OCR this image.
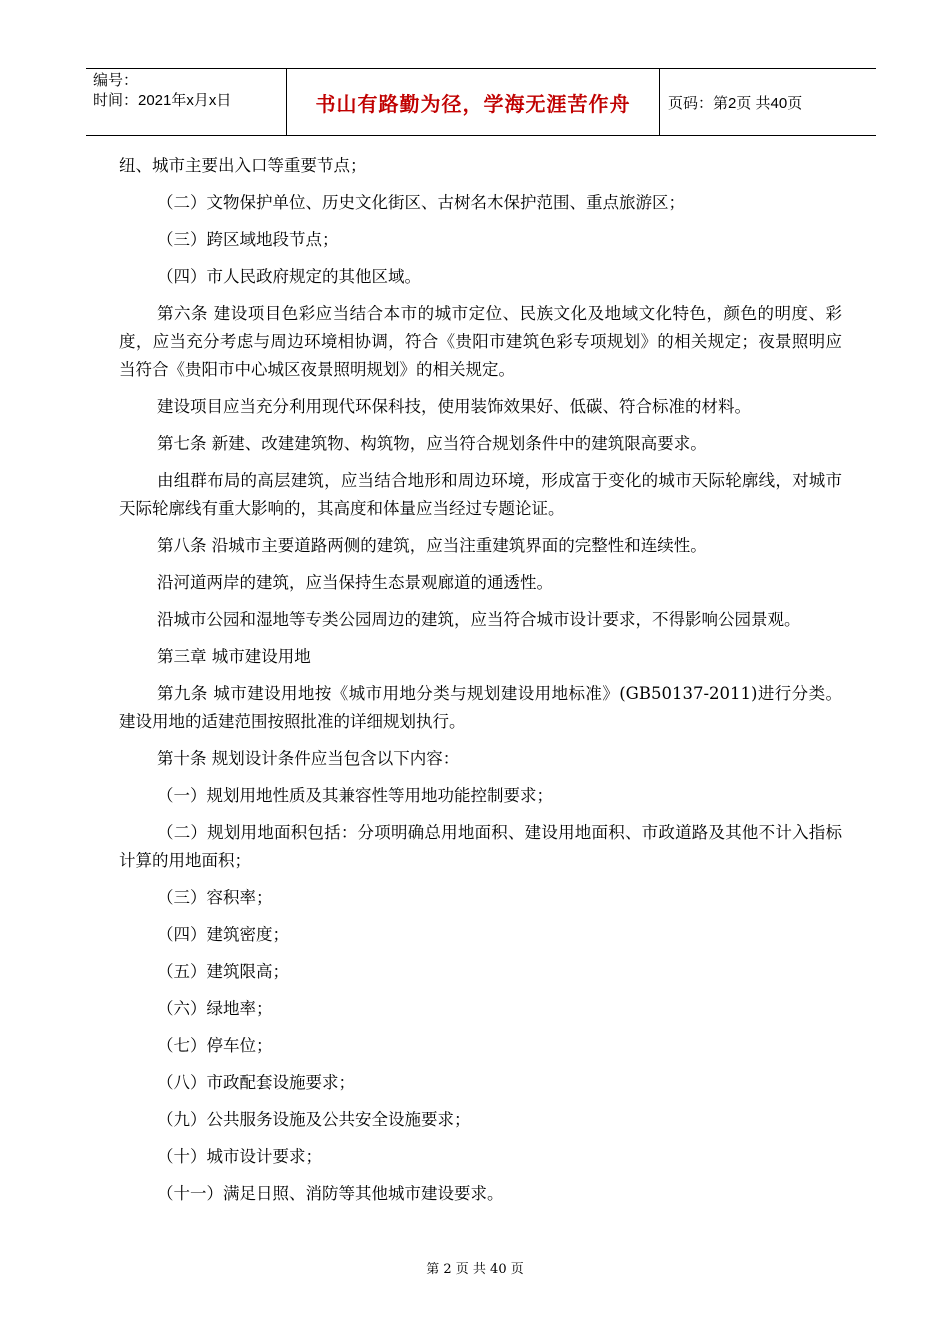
编号：
时间：2021年x月x日	书山有路勤为径，学海无涯苦作舟	页码：第2页 共40页

纽、城市主要出入口等重要节点；

（二）文物保护单位、历史文化街区、古树名木保护范围、重点旅游区；

（三）跨区域地段节点；

（四）市人民政府规定的其他区域。

第六条 建设项目色彩应当结合本市的城市定位、民族文化及地域文化特色，颜色的明度、彩度，应当充分考虑与周边环境相协调，符合《贵阳市建筑色彩专项规划》的相关规定；夜景照明应当符合《贵阳市中心城区夜景照明规划》的相关规定。

建设项目应当充分利用现代环保科技，使用装饰效果好、低碳、符合标准的材料。

第七条 新建、改建建筑物、构筑物，应当符合规划条件中的建筑限高要求。

由组群布局的高层建筑，应当结合地形和周边环境，形成富于变化的城市天际轮廓线，对城市天际轮廓线有重大影响的，其高度和体量应当经过专题论证。

第八条 沿城市主要道路两侧的建筑，应当注重建筑界面的完整性和连续性。

沿河道两岸的建筑，应当保持生态景观廊道的通透性。

沿城市公园和湿地等专类公园周边的建筑，应当符合城市设计要求，不得影响公园景观。

第三章 城市建设用地

第九条 城市建设用地按《城市用地分类与规划建设用地标准》(GB50137-2011)进行分类。建设用地的适建范围按照批准的详细规划执行。

第十条 规划设计条件应当包含以下内容：

（一）规划用地性质及其兼容性等用地功能控制要求；

（二）规划用地面积包括：分项明确总用地面积、建设用地面积、市政道路及其他不计入指标计算的用地面积；

（三）容积率；

（四）建筑密度；

（五）建筑限高；

（六）绿地率；

（七）停车位；

（八）市政配套设施要求；

（九）公共服务设施及公共安全设施要求；

（十）城市设计要求；

（十一）满足日照、消防等其他城市建设要求。

第 2 页 共 40 页
